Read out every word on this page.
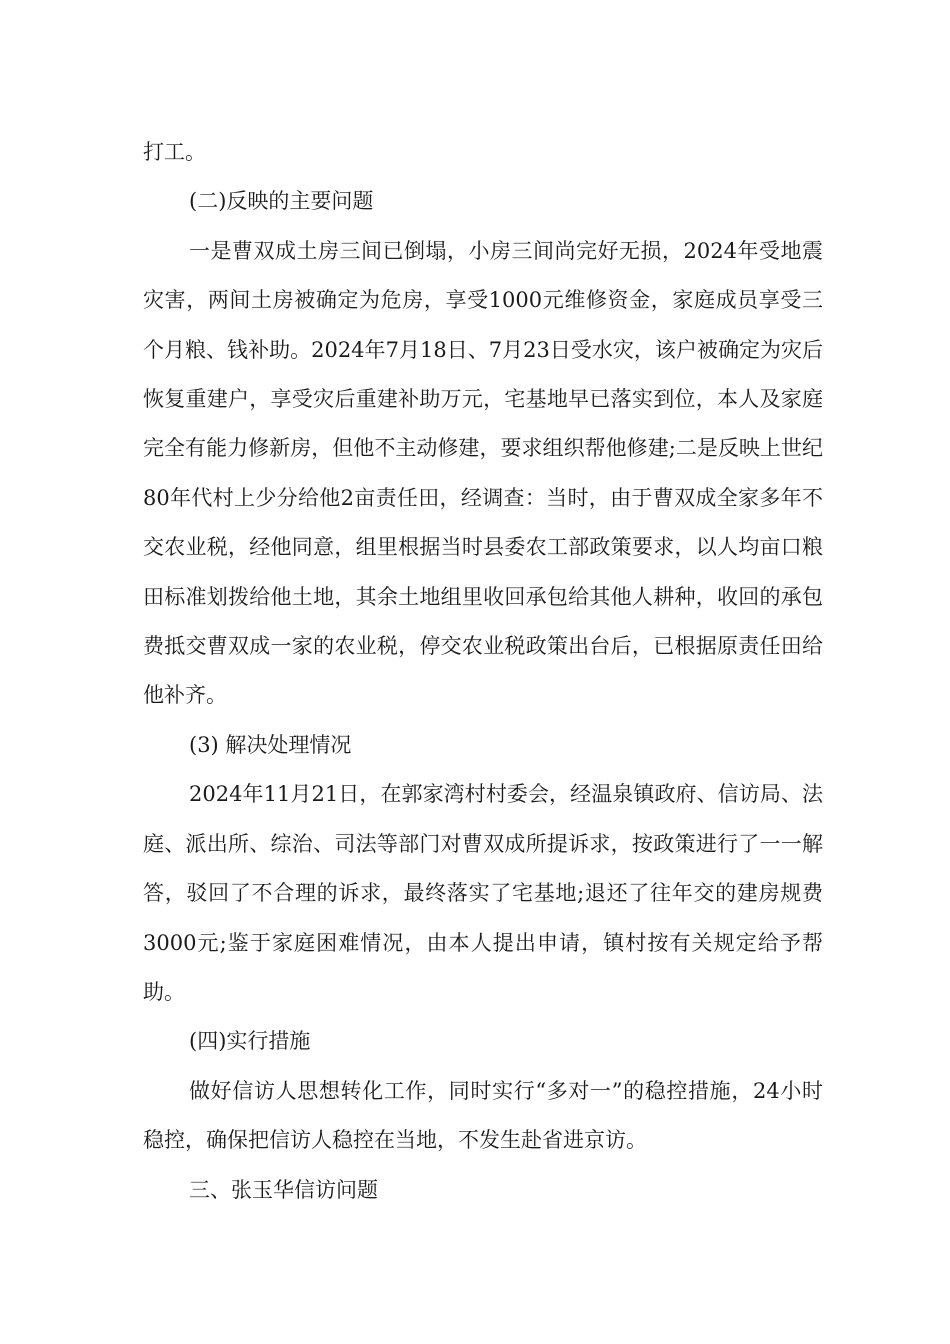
打工。

(二)反映的主要问题

一是曹双成土房三间已倒塌，小房三间尚完好无损，2024年受地震灾害，两间土房被确定为危房，享受1000元维修资金，家庭成员享受三个月粮、钱补助。2024年7月18日、7月23日受水灾，该户被确定为灾后恢复重建户，享受灾后重建补助万元，宅基地早已落实到位，本人及家庭完全有能力修新房，但他不主动修建，要求组织帮他修建;二是反映上世纪80年代村上少分给他2亩责任田，经调查：当时，由于曹双成全家多年不交农业税，经他同意，组里根据当时县委农工部政策要求，以人均亩口粮田标准划拨给他土地，其余土地组里收回承包给其他人耕种，收回的承包费抵交曹双成一家的农业税，停交农业税政策出台后，已根据原责任田给他补齐。

(3) 解决处理情况

2024年11月21日，在郭家湾村村委会，经温泉镇政府、信访局、法庭、派出所、综治、司法等部门对曹双成所提诉求，按政策进行了一一解答，驳回了不合理的诉求，最终落实了宅基地;退还了往年交的建房规费3000元;鉴于家庭困难情况，由本人提出申请，镇村按有关规定给予帮助。

(四)实行措施

做好信访人思想转化工作，同时实行“多对一”的稳控措施，24小时稳控，确保把信访人稳控在当地，不发生赴省进京访。

三、张玉华信访问题
